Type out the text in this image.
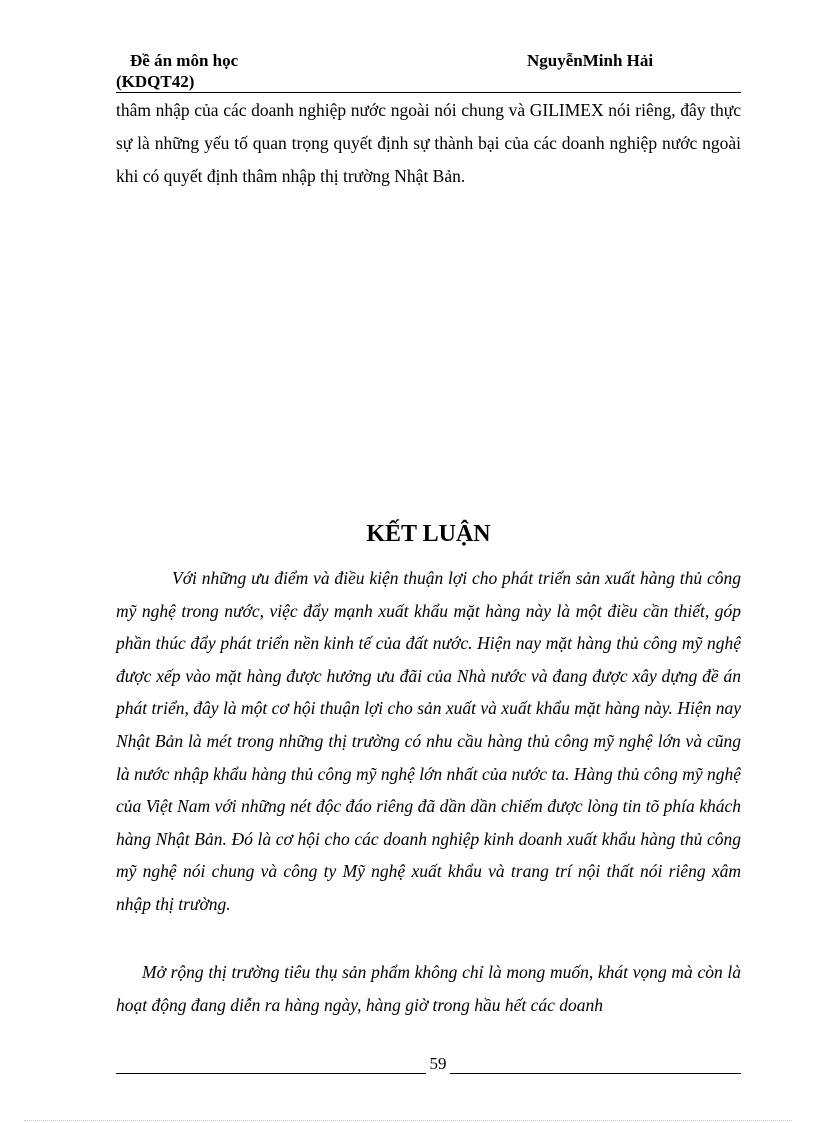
Đề án môn học
(KDQT42)
NguyễnMinh Hải

thâm nhập của các doanh nghiệp nước ngoài nói chung và GILIMEX nói riêng, đây thực sự là những yếu tố quan trọng quyết định sự thành bại của các doanh nghiệp nước ngoài khi có quyết định thâm nhập thị trường Nhật Bản.

KẾT LUẬN

Với những ưu điểm và điều kiện thuận lợi cho phát triển sản xuất hàng thủ công mỹ nghệ trong nước, việc đẩy mạnh xuất khẩu mặt hàng này là một điều cần thiết, góp phần thúc đẩy phát triển nền kinh tế của đất nước. Hiện nay mặt hàng thủ công mỹ nghệ được xếp vào mặt hàng được hưởng ưu đãi của Nhà nước và đang được xây dựng đề án phát triển, đây là một cơ hội thuận lợi cho sản xuất và xuất khẩu mặt hàng này. Hiện nay Nhật Bản là mét trong những thị trường có nhu cầu hàng thủ công mỹ nghệ lớn và cũng là nước nhập khẩu hàng thủ công mỹ nghệ lớn nhất của nước ta. Hàng thủ công mỹ nghệ của Việt Nam với những nét độc đáo riêng đã dần dần chiếm được lòng tin tõ phía khách hàng Nhật Bản. Đó là cơ hội cho các doanh nghiệp kinh doanh xuất khẩu hàng thủ công mỹ nghệ nói chung và công ty Mỹ nghệ xuất khẩu và trang trí nội thất nói riêng xâm nhập thị trường.

Mở rộng thị trường tiêu thụ sản phẩm không chỉ là mong muốn, khát vọng mà còn là hoạt động đang diễn ra hàng ngày, hàng giờ trong hầu hết các doanh

59
